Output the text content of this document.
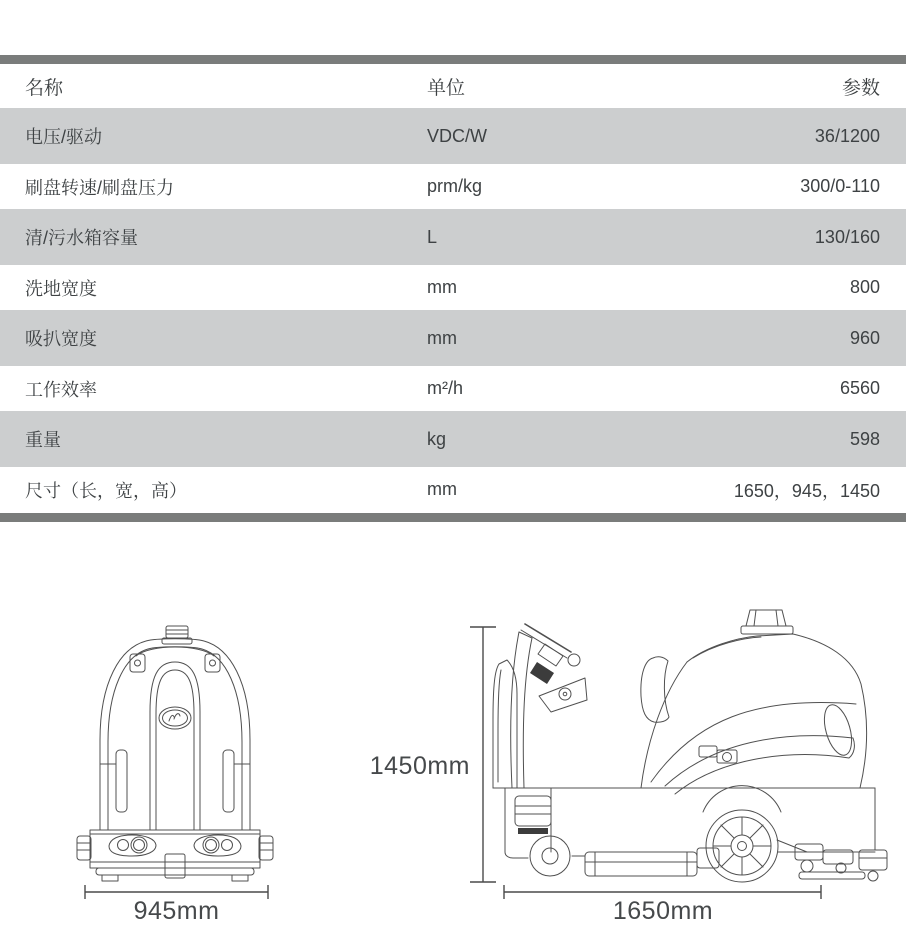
名称	单位	参数
电压/驱动	VDC/W	36/1200
刷盘转速/刷盘压力	prm/kg	300/0-110
清/污水箱容量	L	130/160
洗地宽度	mm	800
吸扒宽度	mm	960
工作效率	m²/h	6560
重量	kg	598
尺寸（长，宽，高）	mm	1650，945，1450
945mm
1450mm
1650mm
